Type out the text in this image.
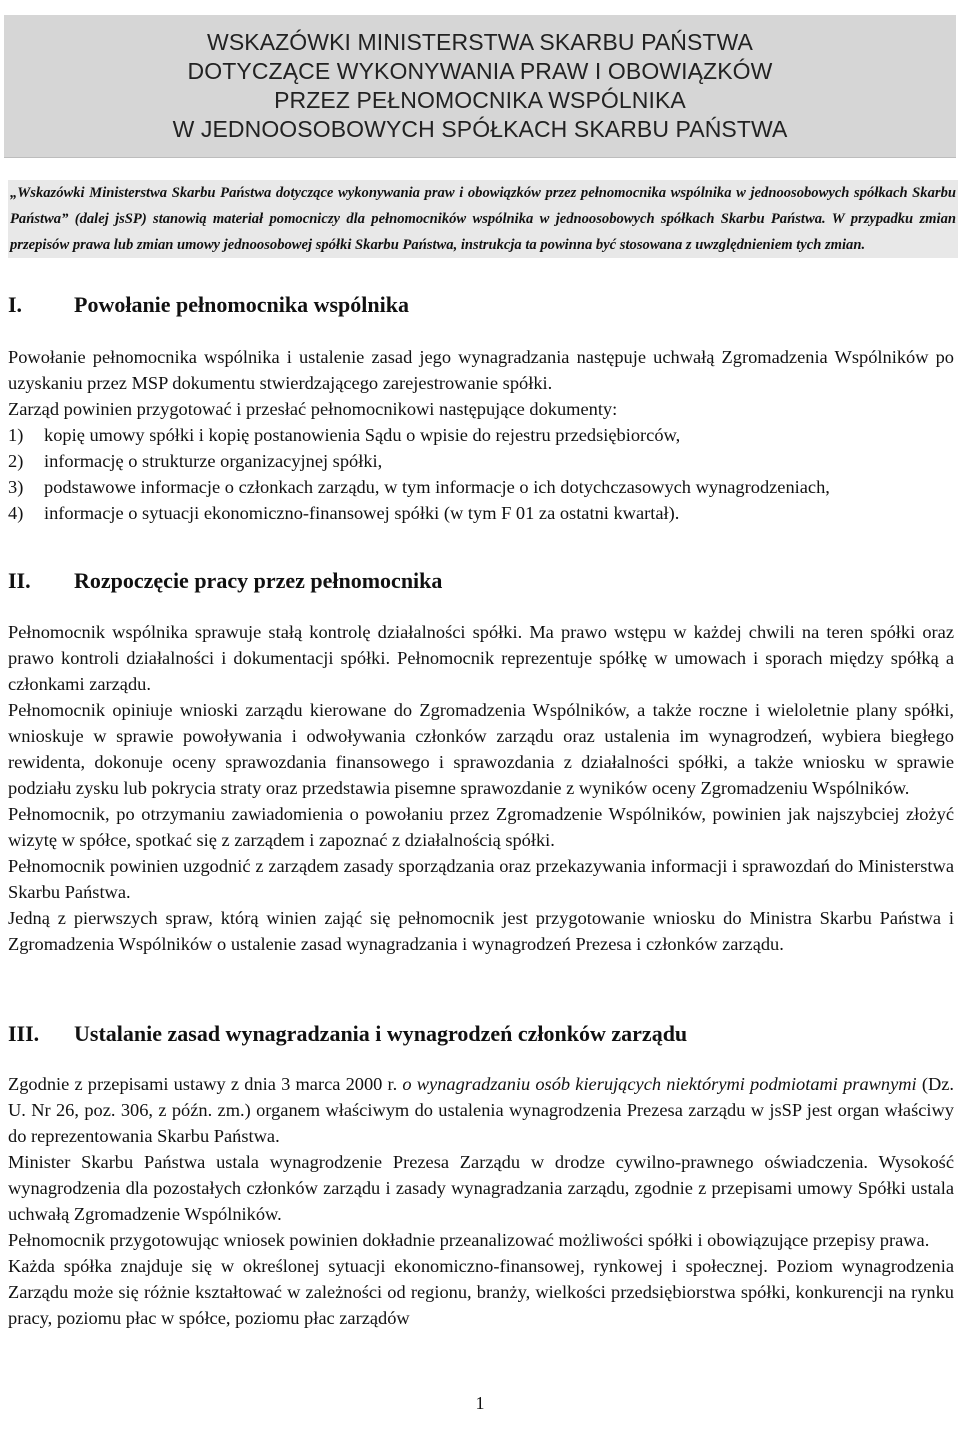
WSKAZÓWKI MINISTERSTWA SKARBU PAŃSTWA
DOTYCZĄCE WYKONYWANIA PRAW I OBOWIĄZKÓW
PRZEZ PEŁNOMOCNIKA WSPÓLNIKA
W JEDNOOSOBOWYCH SPÓŁKACH SKARBU PAŃSTWA

„Wskazówki Ministerstwa Skarbu Państwa dotyczące wykonywania praw i obowiązków przez pełnomocnika wspólnika w jednoosobowych spółkach Skarbu Państwa” (dalej jsSP) stanowią materiał pomocniczy dla pełnomocników wspólnika w jednoosobowych spółkach Skarbu Państwa. W przypadku zmian przepisów prawa lub zmian umowy jednoosobowej spółki Skarbu Państwa, instrukcja ta powinna być stosowana z uwzględnieniem tych zmian.

I.	Powołanie pełnomocnika wspólnika

Powołanie pełnomocnika wspólnika i ustalenie zasad jego wynagradzania następuje uchwałą Zgromadzenia Wspólników po uzyskaniu przez MSP dokumentu stwierdzającego zarejestrowanie spółki.

Zarząd powinien przygotować i przesłać pełnomocnikowi następujące dokumenty:

1)	kopię umowy spółki i kopię postanowienia Sądu o wpisie do rejestru przedsiębiorców,
2)	informację o strukturze organizacyjnej spółki,
3)	podstawowe informacje o członkach zarządu, w tym informacje o ich dotychczasowych wynagrodzeniach,
4)	informacje o sytuacji ekonomiczno-finansowej spółki (w tym F 01 za ostatni kwartał).
II.	Rozpoczęcie pracy przez pełnomocnika

Pełnomocnik wspólnika sprawuje stałą kontrolę działalności spółki. Ma prawo wstępu w każdej chwili na teren spółki oraz prawo kontroli działalności i dokumentacji spółki. Pełnomocnik reprezentuje spółkę w umowach i sporach między spółką a członkami zarządu.

Pełnomocnik opiniuje wnioski zarządu kierowane do Zgromadzenia Wspólników, a także roczne i wieloletnie plany spółki, wnioskuje w sprawie powoływania i odwoływania członków zarządu oraz ustalenia im wynagrodzeń, wybiera biegłego rewidenta, dokonuje oceny sprawozdania finansowego i sprawozdania z działalności spółki, a także wniosku w sprawie podziału zysku lub pokrycia straty oraz przedstawia pisemne sprawozdanie z wyników oceny Zgromadzeniu Wspólników.

Pełnomocnik, po otrzymaniu zawiadomienia o powołaniu przez Zgromadzenie Wspólników, powinien jak najszybciej złożyć wizytę w spółce, spotkać się z zarządem i zapoznać z działalnością spółki.

Pełnomocnik powinien uzgodnić z zarządem zasady sporządzania oraz przekazywania informacji i sprawozdań do Ministerstwa Skarbu Państwa.

Jedną z pierwszych spraw, którą winien zająć się pełnomocnik jest przygotowanie wniosku do Ministra Skarbu Państwa i Zgromadzenia Wspólników o ustalenie zasad wynagradzania i wynagrodzeń Prezesa i członków zarządu.

III.	Ustalanie zasad wynagradzania i wynagrodzeń członków zarządu

Zgodnie z przepisami ustawy z dnia 3 marca 2000 r. o wynagradzaniu osób kierujących niektórymi podmiotami prawnymi (Dz. U. Nr 26, poz. 306, z późn. zm.) organem właściwym do ustalenia wynagrodzenia Prezesa zarządu w jsSP jest organ właściwy do reprezentowania Skarbu Państwa.

Minister Skarbu Państwa ustala wynagrodzenie Prezesa Zarządu w drodze cywilno-prawnego oświadczenia. Wysokość wynagrodzenia dla pozostałych członków zarządu i zasady wynagradzania zarządu, zgodnie z przepisami umowy Spółki ustala uchwałą Zgromadzenie Wspólników.

Pełnomocnik przygotowując wniosek powinien dokładnie przeanalizować możliwości spółki i obowiązujące przepisy prawa.

Każda spółka znajduje się w określonej sytuacji ekonomiczno-finansowej, rynkowej i społecznej. Poziom wynagrodzenia Zarządu może się różnie kształtować w zależności od regionu, branży, wielkości przedsiębiorstwa spółki, konkurencji na rynku pracy, poziomu płac w spółce, poziomu płac zarządów

1
